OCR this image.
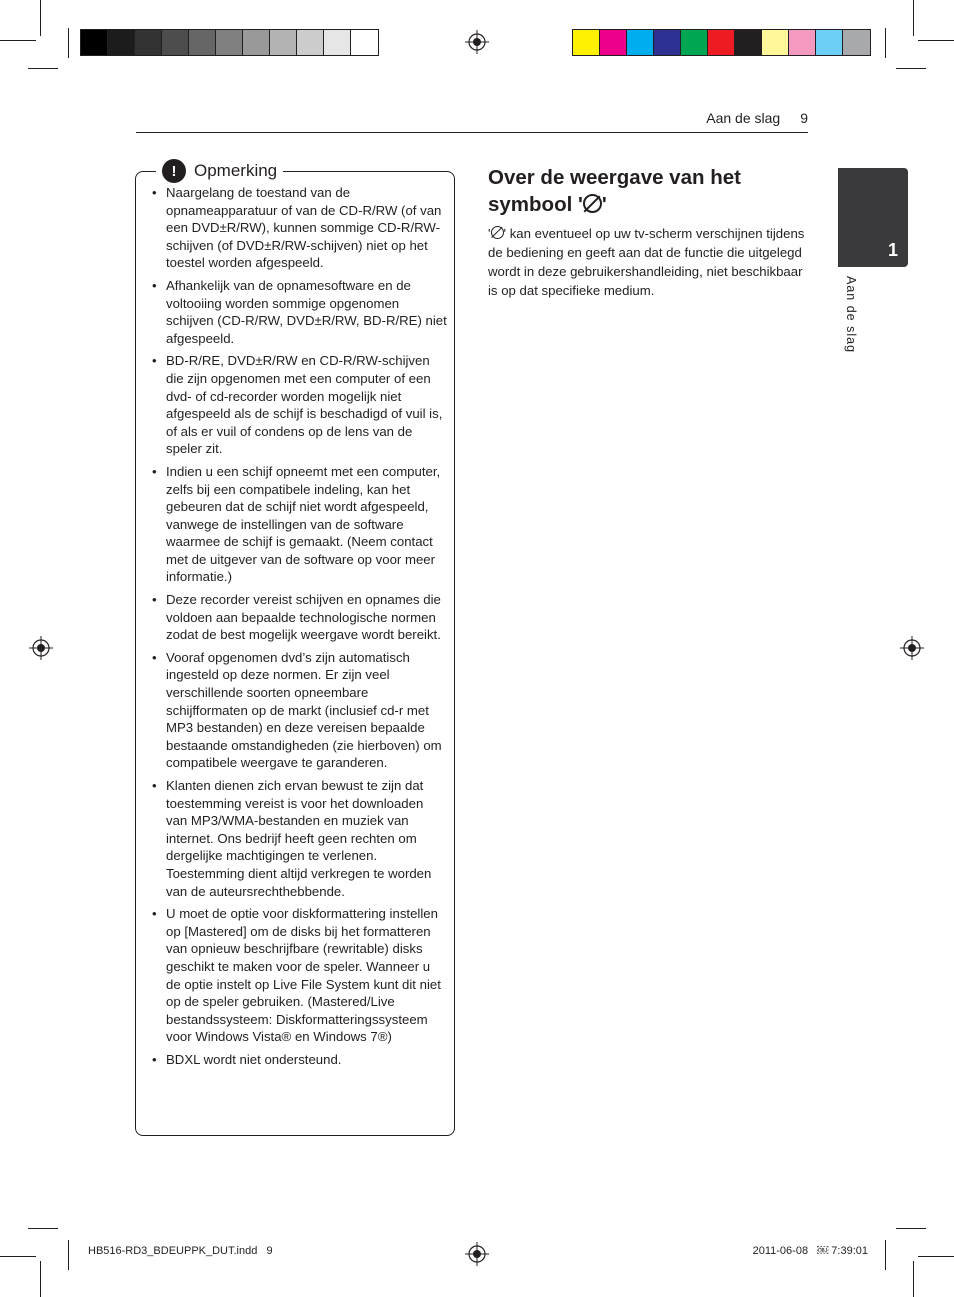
Aan de slag 9
1
Aan de slag
!	Opmerking
• Naargelang de toestand van de opnameapparatuur of van de CD-R/RW (of van een DVD±R/RW), kunnen sommige CD-R/RW-schijven (of DVD±R/RW-schijven) niet op het toestel worden afgespeeld.
• Afhankelijk van de opnamesoftware en de voltooiing worden sommige opgenomen schijven (CD-R/RW, DVD±R/RW, BD-R/RE) niet afgespeeld.
• BD-R/RE, DVD±R/RW en CD-R/RW-schijven die zijn opgenomen met een computer of een dvd- of cd-recorder worden mogelijk niet afgespeeld als de schijf is beschadigd of vuil is, of als er vuil of condens op de lens van de speler zit.
• Indien u een schijf opneemt met een computer, zelfs bij een compatibele indeling, kan het gebeuren dat de schijf niet wordt afgespeeld, vanwege de instellingen van de software waarmee de schijf is gemaakt. (Neem contact met de uitgever van de software op voor meer informatie.)
• Deze recorder vereist schijven en opnames die voldoen aan bepaalde technologische normen zodat de best mogelijk weergave wordt bereikt.
• Vooraf opgenomen dvd’s zijn automatisch ingesteld op deze normen. Er zijn veel verschillende soorten opneembare schijfformaten op de markt (inclusief cd-r met MP3 bestanden) en deze vereisen bepaalde bestaande omstandigheden (zie hierboven) om compatibele weergave te garanderen.
• Klanten dienen zich ervan bewust te zijn dat toestemming vereist is voor het downloaden van MP3/WMA-bestanden en muziek van internet. Ons bedrijf heeft geen rechten om dergelijke machtigingen te verlenen. Toestemming dient altijd verkregen te worden van de auteursrechthebbende.
• U moet de optie voor diskformattering instellen op [Mastered] om de disks bij het formatteren van opnieuw beschrijfbare (rewritable) disks geschikt te maken voor de speler. Wanneer u de optie instelt op Live File System kunt dit niet op de speler gebruiken. (Mastered/Live bestandssysteem: Diskformatteringssysteem voor Windows Vista® en Windows 7®)
• BDXL wordt niet ondersteund.
Over de weergave van het symbool ' '

' ' kan eventueel op uw tv-scherm verschijnen tijdens de bediening en geeft aan dat de functie die uitgelegd wordt in deze gebruikershandleiding, niet beschikbaar is op dat specifieke medium.

HB516-RD3_BDEUPPK_DUT.indd   9	2011-06-08   ￼ 7:39:01
